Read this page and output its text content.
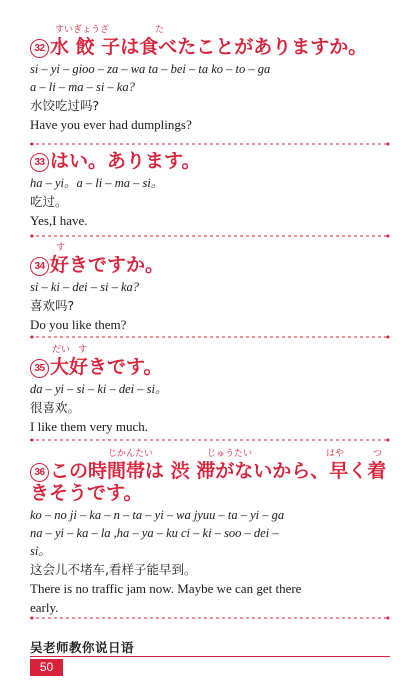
すいぎょうざ	た
32 水 餃 子は食べたことがありますか。
si – yi – gioo – za – wa ta – bei – ta ko – to – ga
a – li – ma – si – ka?
水饺吃过吗?
Have you ever had dumplings?
33 はい。あります。
ha – yi。a – li – ma – si。
吃过。
Yes,I have.
す
34 好きですか。
si – ki – dei – si – ka?
喜欢吗?
Do you like them?
だい す
35 大好きです。
da – yi – si – ki – dei – si。
很喜欢。
I like them very much.
じかんたい	じゅうたい	はや	つ
36 この時間帯は 渋 滞がないから、早く着
きそうです。
ko – no ji – ka – n – ta – yi – wa jyuu – ta – yi – ga
na – yi – ka – la ,ha – ya – ku ci – ki – soo – dei –
si。
这会儿不堵车,看样子能早到。
There is no traffic jam now. Maybe we can get there
early.
吴老师教你说日语
50
